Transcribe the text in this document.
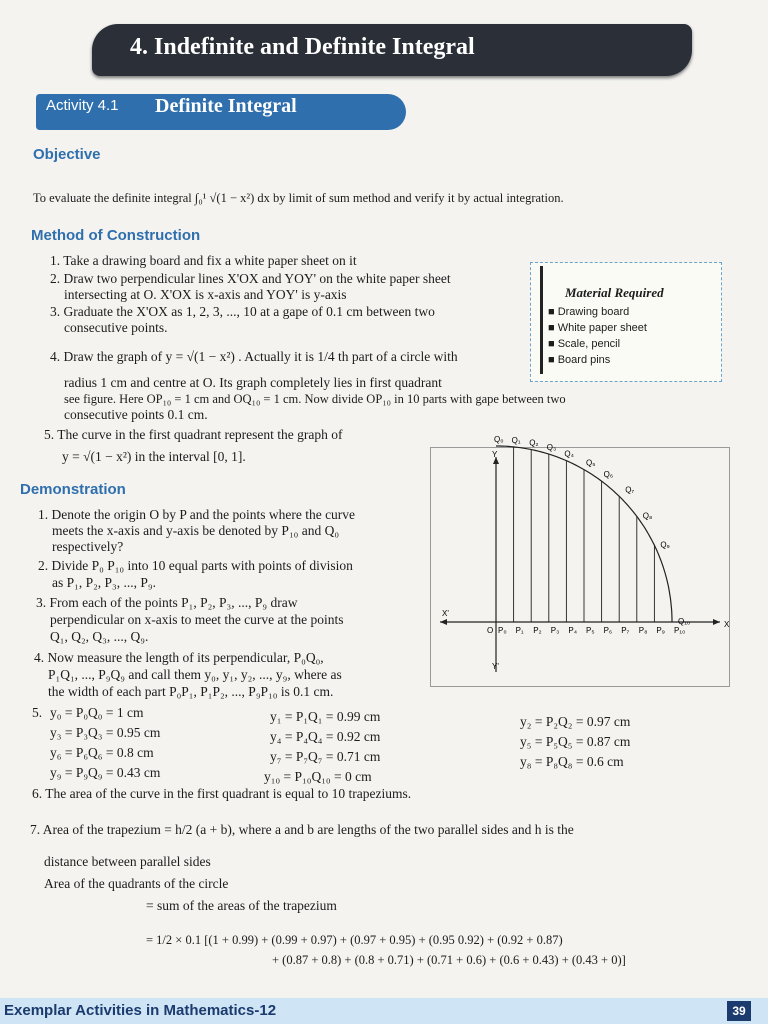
4. Indefinite and Definite Integral
Activity 4.1 Definite Integral
Objective
To evaluate the definite integral ∫₀¹ √(1 − x²) dx by limit of sum method and verify it by actual integration.
Method of Construction
1. Take a drawing board and fix a white paper sheet on it
2. Draw two perpendicular lines X'OX and YOY' on the white paper sheet
intersecting at O. X'OX is x-axis and YOY' is y-axis
3. Graduate the X'OX as 1, 2, 3, ..., 10 at a gape of 0.1 cm between two
consecutive points.
4. Draw the graph of y = √(1 − x²) . Actually it is 1/4 th part of a circle with
radius 1 cm and centre at O. Its graph completely lies in first quadrant
see figure. Here OP₁₀ = 1 cm and OQ₁₀ = 1 cm. Now divide OP₁₀ in 10 parts with gape between two
consecutive points 0.1 cm.
5. The curve in the first quadrant represent the graph of
y = √(1 − x²) in the interval [0, 1].
Material Required
■ Drawing board
■ White paper sheet
■ Scale, pencil
■ Board pins
Demonstration
1. Denote the origin O by P and the points where the curve
meets the x-axis and y-axis be denoted by P₁₀ and Q₀
respectively?
2. Divide P₀ P₁₀ into 10 equal parts with points of division
as P₁, P₂, P₃, ..., P₉.
3. From each of the points P₁, P₂, P₃, ..., P₉ draw
perpendicular on x-axis to meet the curve at the points
Q₁, Q₂, Q₃, ..., Q₉.
4. Now measure the length of its perpendicular, P₀Q₀,
P₁Q₁, ..., P₉Q₉ and call them y₀, y₁, y₂, ..., y₉, where as
the width of each part P₀P₁, P₁P₂, ..., P₉P₁₀ is 0.1 cm.
5. y₀ = P₀Q₀ = 1 cm	y₁ = P₁Q₁ = 0.99 cm	y₂ = P₂Q₂ = 0.97 cm
y₃ = P₃Q₃ = 0.95 cm	y₄ = P₄Q₄ = 0.92 cm	y₅ = P₅Q₅ = 0.87 cm
y₆ = P₆Q₆ = 0.8 cm	y₇ = P₇Q₇ = 0.71 cm	y₈ = P₈Q₈ = 0.6 cm
y₉ = P₉Q₉ = 0.43 cm	y₁₀ = P₁₀Q₁₀ = 0 cm
6. The area of the curve in the first quadrant is equal to 10 trapeziums.
7. Area of the trapezium = h/2 (a + b), where a and b are lengths of the two parallel sides and h is the
distance between parallel sides
Area of the quadrants of the circle
= sum of the areas of the trapezium
= 1/2 × 0.1 [(1 + 0.99) + (0.99 + 0.97) + (0.97 + 0.95) + (0.95 0.92) + (0.92 + 0.87)
+ (0.87 + 0.8) + (0.8 + 0.71) + (0.71 + 0.6) + (0.6 + 0.43) + (0.43 + 0)]
Y
Y'
X
X'
O
Q₀
P₀
Q₁
P₁
Q₂
P₂
Q₃
P₃
Q₄
P₄
Q₅
P₅
Q₆
P₆
Q₇
P₇
Q₈
P₈
Q₉
P₉
Q₁₀
P₁₀
Exemplar Activities in Mathematics-12	39
